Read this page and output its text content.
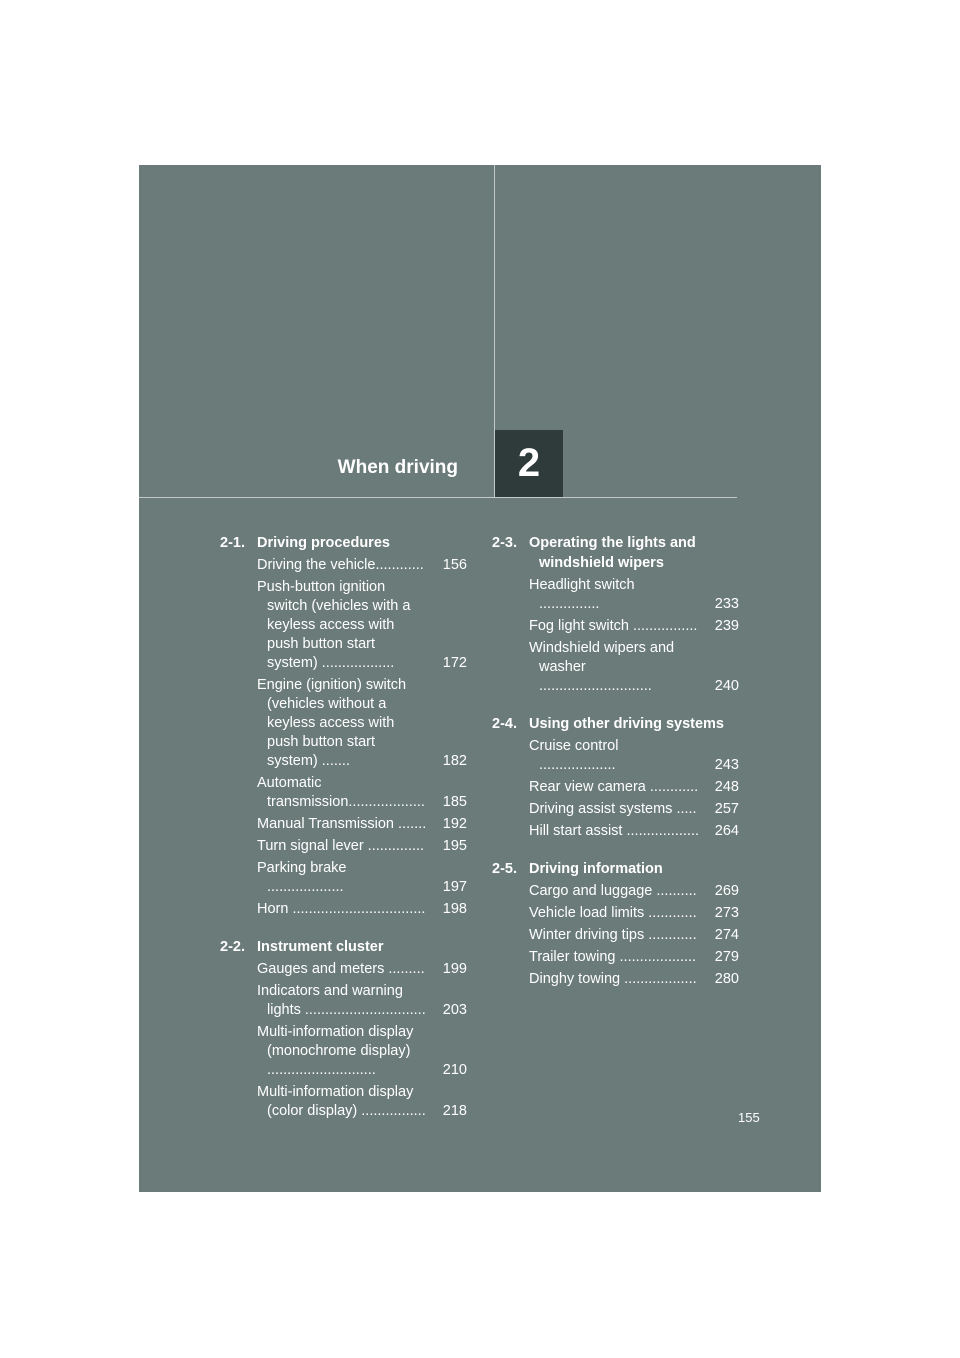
When driving 2
2-1. Driving procedures
Driving the vehicle............ 156
Push-button ignition switch (vehicles with a keyless access with push button start system) ..................	172
Engine (ignition) switch (vehicles without a keyless access with push button start system) .......	182
Automatic transmission................... 185
Manual Transmission ....... 192
Turn signal lever .............. 195
Parking brake ...................	197
Horn ................................. 198
2-2. Instrument cluster
Gauges and meters ......... 199
Indicators and warning lights .............................. 203
Multi-information display (monochrome display) ...........................	210
Multi-information display (color display) ................ 218
2-3. Operating the lights and windshield wipers
Headlight switch ...............	233
Fog light switch ................ 239
Windshield wipers and washer ............................	240
2-4. Using other driving systems
Cruise control ...................	243
Rear view camera ............ 248
Driving assist systems ..... 257
Hill start assist .................. 264
2-5. Driving information
Cargo and luggage .......... 269
Vehicle load limits ............ 273
Winter driving tips ............ 274
Trailer towing ................... 279
Dinghy towing .................. 280
155
